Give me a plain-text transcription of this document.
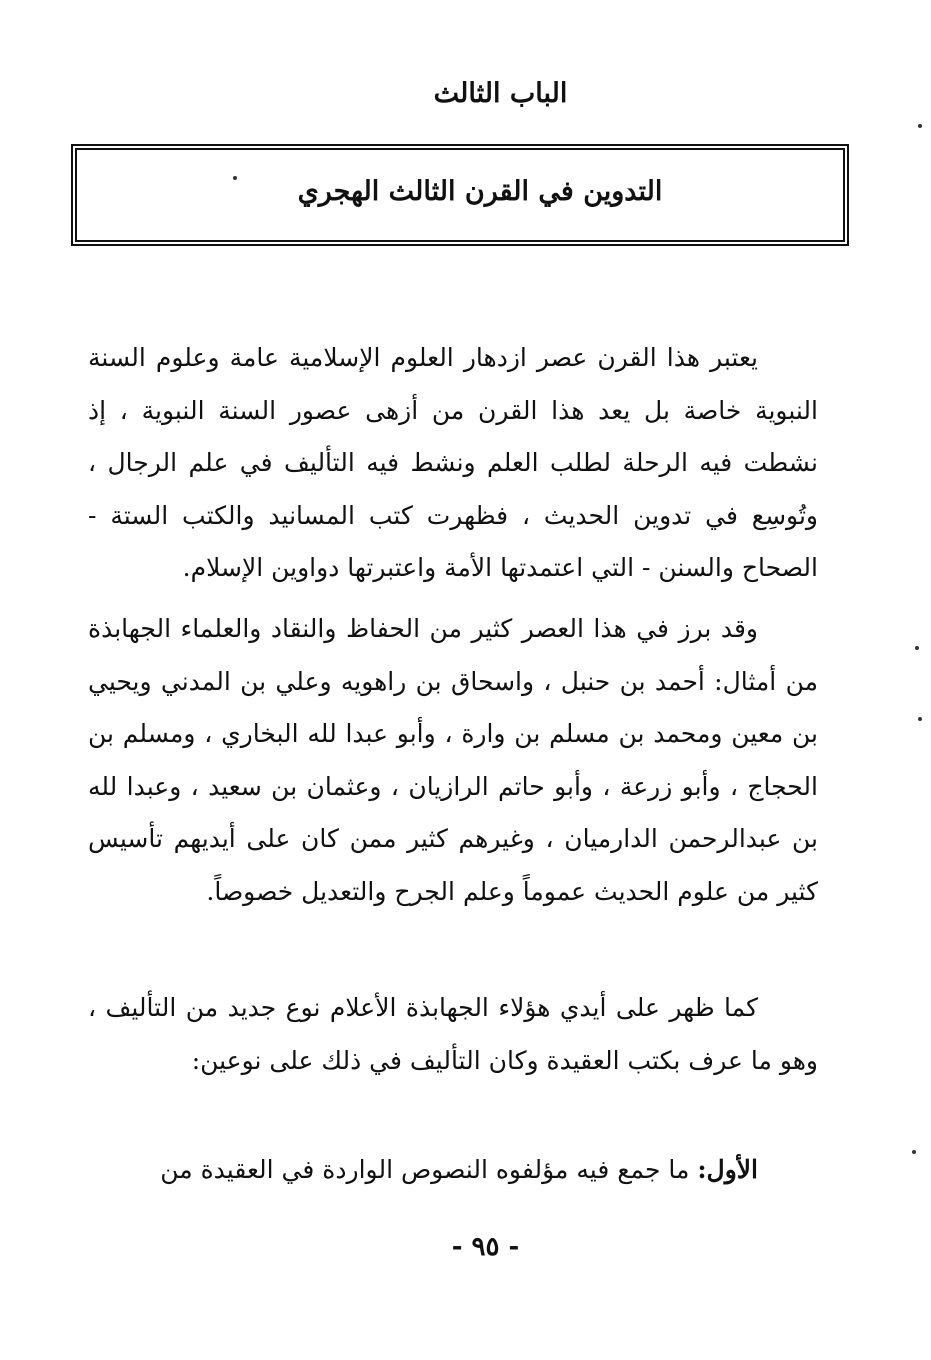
الباب الثالث
التدوين في القرن الثالث الهجري

يعتبر هذا القرن عصر ازدهار العلوم الإسلامية عامة وعلوم السنة النبوية خاصة بل يعد هذا القرن من أزهى عصور السنة النبوية ، إذ نشطت فيه الرحلة لطلب العلم ونشط فيه التأليف في علم الرجال ، وتُوسِع في تدوين الحديث ، فظهرت كتب المسانيد والكتب الستة - الصحاح والسنن - التي اعتمدتها الأمة واعتبرتها دواوين الإسلام.

وقد برز في هذا العصر كثير من الحفاظ والنقاد والعلماء الجهابذة من أمثال: أحمد بن حنبل ، واسحاق بن راهويه وعلي بن المدني ويحيي بن معين ومحمد بن مسلم بن وارة ، وأبو عبدا لله البخاري ، ومسلم بن الحجاج ، وأبو زرعة ، وأبو حاتم الرازيان ، وعثمان بن سعيد ، وعبدا لله بن عبدالرحمن الدارميان ، وغيرهم كثير ممن كان على أيديهم تأسيس كثير من علوم الحديث عموماً وعلم الجرح والتعديل خصوصاً.

كما ظهر على أيدي هؤلاء الجهابذة الأعلام نوع جديد من التأليف ، وهو ما عرف بكتب العقيدة وكان التأليف في ذلك على نوعين:

الأول: ما جمع فيه مؤلفوه النصوص الواردة في العقيدة من

- ٩٥ -
